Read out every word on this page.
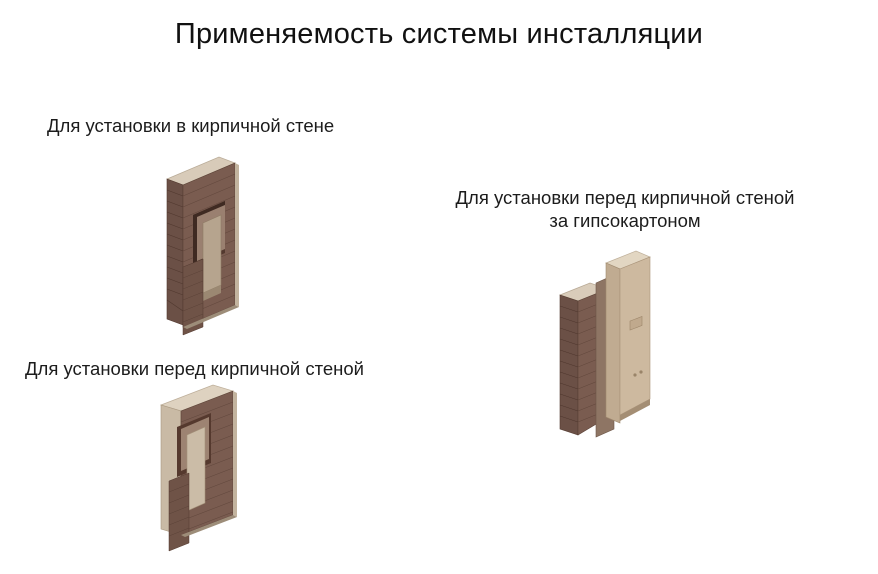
Применяемость системы инсталляции
Для установки в кирпичной стене
Для установки перед кирпичной стеной
Для установки перед кирпичной стеной
за гипсокартоном
